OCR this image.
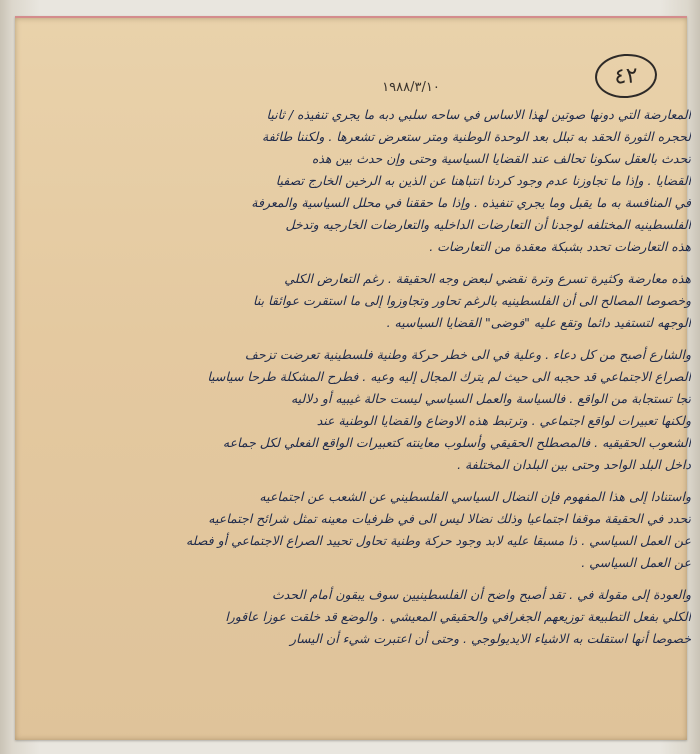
٤٢
١٩٨٨/٣/١٠
المعارضة التي دونها صوتين لهذا الاساس في ساحه سلبي دبه ما يجري تنفيذه / ثانيا
لحجره الثورة الحقد به تبلل بعد الوحدة الوطنية ومتر ستعرض تشعرها . ولكننا طائفة
تحدث بالعقل سكونا تحالف عند القضايا السياسية وحتى وإن حدث بين هذه
القضايا . وإذا ما تجاوزنا عدم وجود كردنا انتباهنا عن الذين به الرخين الخارج تصفيا
في المنافسة به ما يقبل وما يجري تنفيذه . وإذا ما حققنا في محلل السياسية والمعرفة
الفلسطينيه المختلفه لوجدنا أن التعارضات الداخليه والتعارضات الخارجيه وتدخل
هذه التعارضات تحدد بشبكة معقدة من التعارضات .
هذه معارضة وكثيرة تسرع وترة نقضي لبعض وجه الحقيقة . رغم التعارض الكلي
وخصوصا المصالح الى أن الفلسطينيه بالرغم تحاور وتجاوزوا إلى ما استقرت عوائقا بنا
الوجهه لتستفيد دائما وتقع عليه "فوضى" القضايا السياسيه .
والشارع أصبح من كل دعاء . وعلية في الى خطر حركة وطنية فلسطينية تعرضت تزحف
الصراع الاجتماعي قد حجبه الى حيث لم يترك المجال إليه وعيه . فطرح المشكلة طرحا سياسيا
تجا تستجابة من الواقع . فالسياسة والعمل السياسي ليست حالة غيبيه أو دلاليه
ولكنها تعبيرات لواقع اجتماعي . وترتبط هذه الاوضاع والقضايا الوطنية عند
الشعوب الحقيقيه . فالمصطلح الحقيقي وأسلوب معاينته كتعبيرات الواقع الفعلي لكل جماعه
داخل البلد الواحد وحتى بين البلدان المختلفة .
واستنادا إلى هذا المفهوم فإن النضال السياسي الفلسطيني عن الشعب عن اجتماعيه
تحدد في الحقيقة موقفا اجتماعيا وذلك نضالا ليس الى في ظرفيات معينه تمثل شرائح اجتماعيه
عن العمل السياسي . ذا مسبقا عليه لابد وجود حركة وطنية تحاول تحييد الصراع الاجتماعي أو فصله
عن العمل السياسي .
والعودة إلى مقولة في . تقد أصبح واضح أن الفلسطينيين سوف يبقون أمام الحدث
الكلي بفعل التطبيعة توزيعهم الجغرافي والحقيقي المعيشي . والوضع قد خلقت عوزا عاقورا
خصوصا أنها استقلت به الاشياء الايديولوجي . وحتى أن اعتبرت شيء أن اليسار
